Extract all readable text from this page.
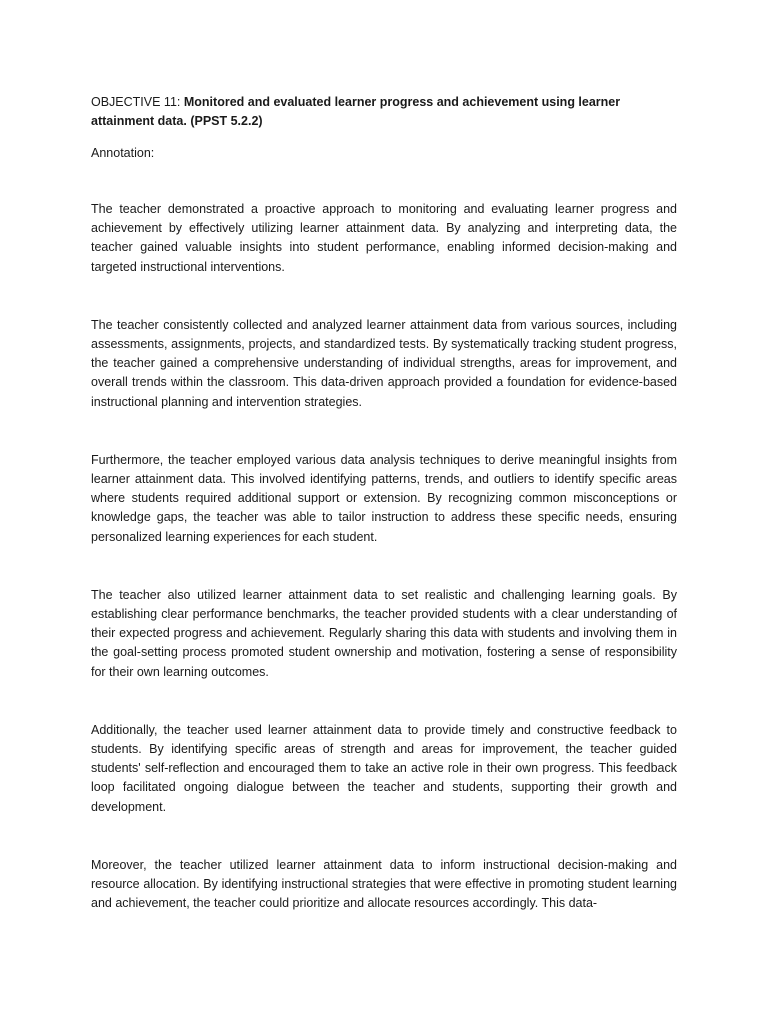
OBJECTIVE 11: Monitored and evaluated learner progress and achievement using learner attainment data. (PPST 5.2.2)

Annotation:

The teacher demonstrated a proactive approach to monitoring and evaluating learner progress and achievement by effectively utilizing learner attainment data. By analyzing and interpreting data, the teacher gained valuable insights into student performance, enabling informed decision-making and targeted instructional interventions.

The teacher consistently collected and analyzed learner attainment data from various sources, including assessments, assignments, projects, and standardized tests. By systematically tracking student progress, the teacher gained a comprehensive understanding of individual strengths, areas for improvement, and overall trends within the classroom. This data-driven approach provided a foundation for evidence-based instructional planning and intervention strategies.

Furthermore, the teacher employed various data analysis techniques to derive meaningful insights from learner attainment data. This involved identifying patterns, trends, and outliers to identify specific areas where students required additional support or extension. By recognizing common misconceptions or knowledge gaps, the teacher was able to tailor instruction to address these specific needs, ensuring personalized learning experiences for each student.

The teacher also utilized learner attainment data to set realistic and challenging learning goals. By establishing clear performance benchmarks, the teacher provided students with a clear understanding of their expected progress and achievement. Regularly sharing this data with students and involving them in the goal-setting process promoted student ownership and motivation, fostering a sense of responsibility for their own learning outcomes.

Additionally, the teacher used learner attainment data to provide timely and constructive feedback to students. By identifying specific areas of strength and areas for improvement, the teacher guided students' self-reflection and encouraged them to take an active role in their own progress. This feedback loop facilitated ongoing dialogue between the teacher and students, supporting their growth and development.

Moreover, the teacher utilized learner attainment data to inform instructional decision-making and resource allocation. By identifying instructional strategies that were effective in promoting student learning and achievement, the teacher could prioritize and allocate resources accordingly. This data-
